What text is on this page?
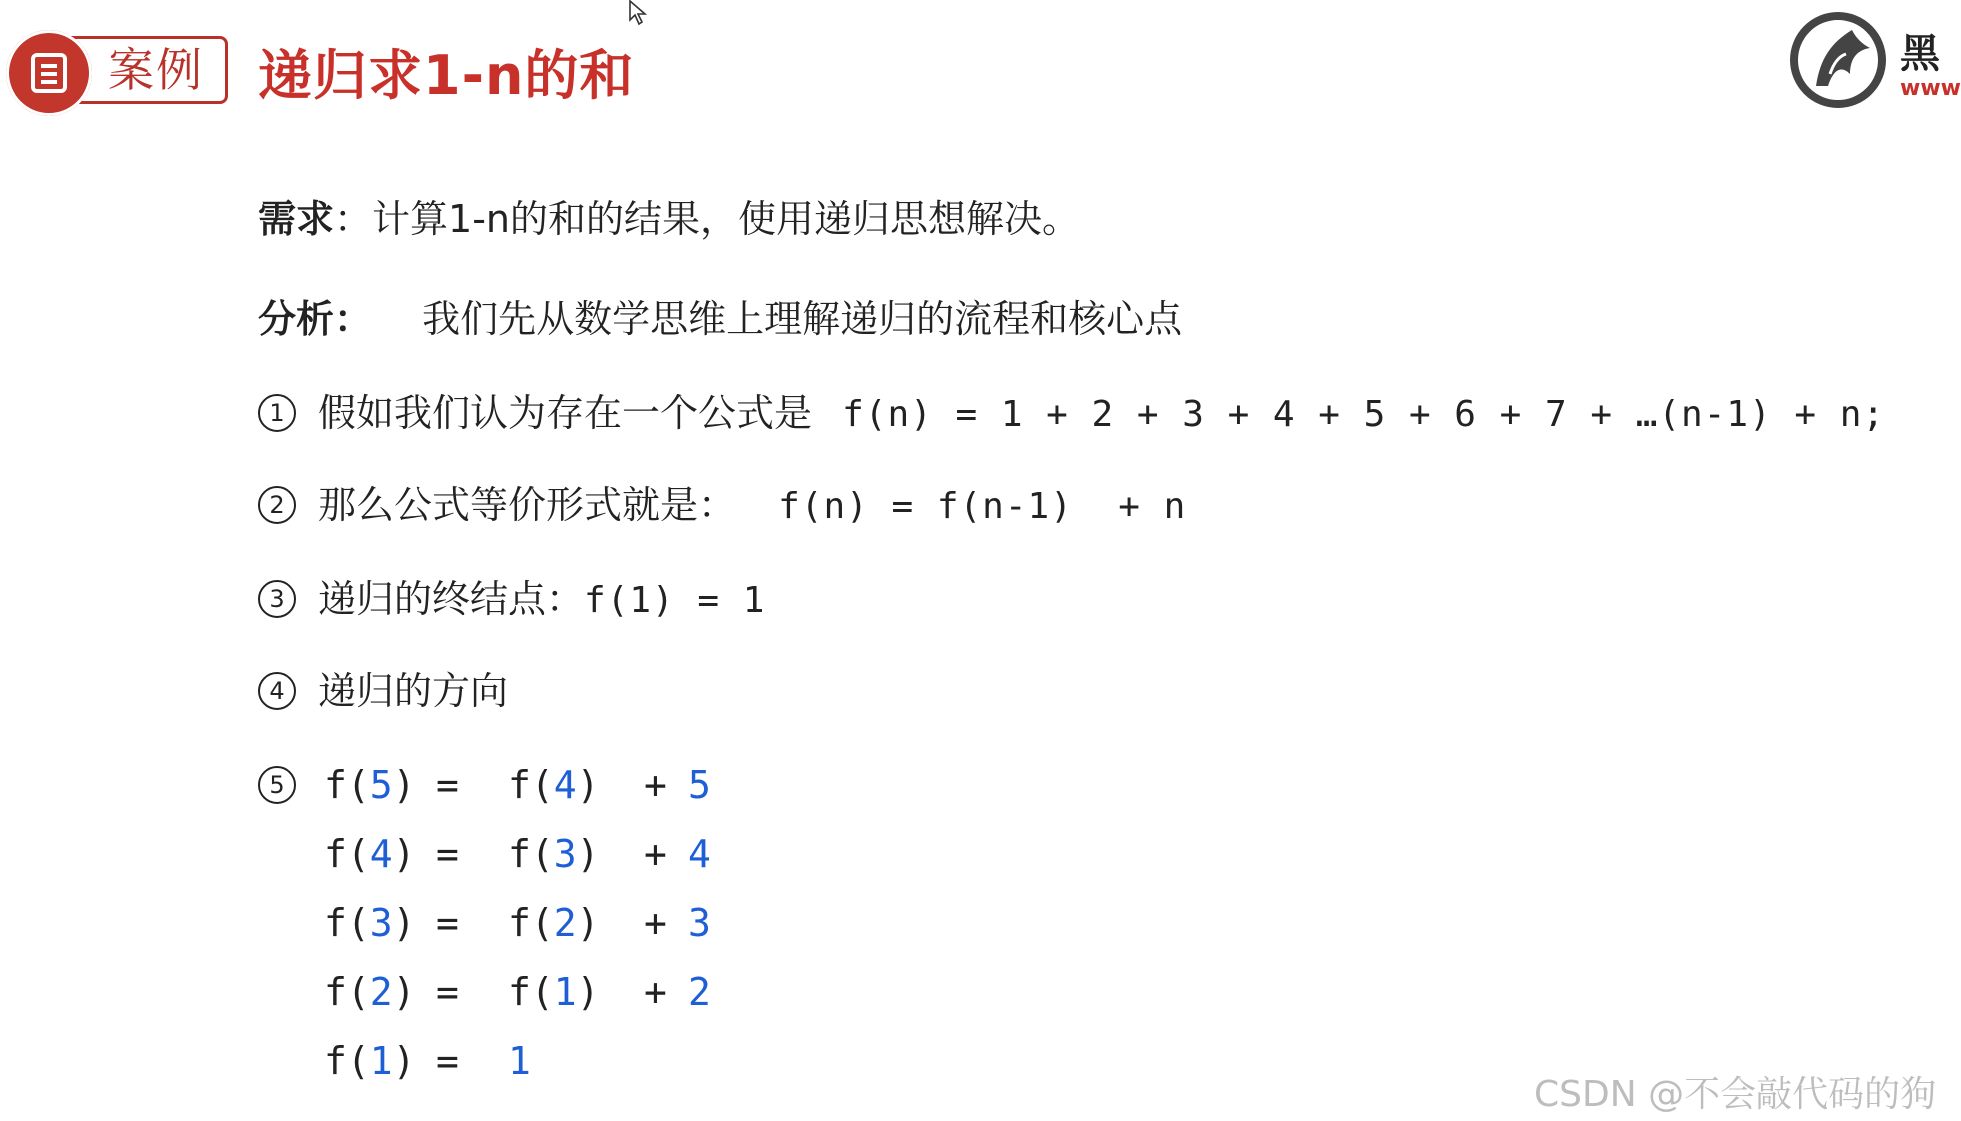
案例 递归求1-n的和	黑
www
需求：计算1-n的和的结果，使用递归思想解决。
分析： 我们先从数学思维上理解递归的流程和核心点
1 假如我们认为存在一个公式是 f(n) = 1 + 2 + 3 + 4 + 5 + 6 + 7 + …(n-1) + n;
2 那么公式等价形式就是： f(n) = f(n-1)  + n
3 递归的终结点：f(1) = 1
4 递归的方向
5	f(5) = f(4) + 5
f(4) = f(3) + 4
f(3) = f(2) + 3
f(2) = f(1) + 2
f(1) = 1
CSDN @不会敲代码的狗
